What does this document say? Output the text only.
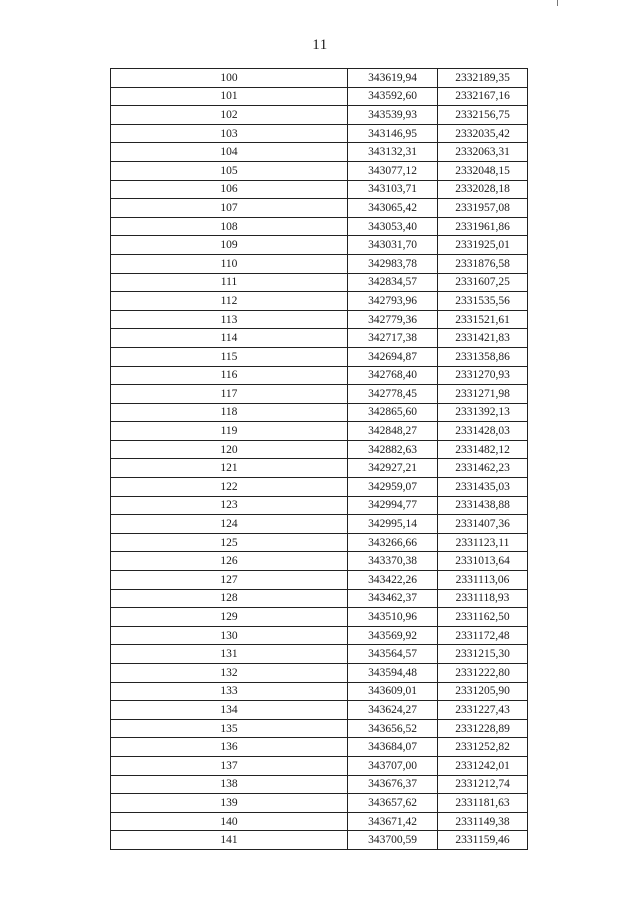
11
100	343619,94	2332189,35
101	343592,60	2332167,16
102	343539,93	2332156,75
103	343146,95	2332035,42
104	343132,31	2332063,31
105	343077,12	2332048,15
106	343103,71	2332028,18
107	343065,42	2331957,08
108	343053,40	2331961,86
109	343031,70	2331925,01
110	342983,78	2331876,58
111	342834,57	2331607,25
112	342793,96	2331535,56
113	342779,36	2331521,61
114	342717,38	2331421,83
115	342694,87	2331358,86
116	342768,40	2331270,93
117	342778,45	2331271,98
118	342865,60	2331392,13
119	342848,27	2331428,03
120	342882,63	2331482,12
121	342927,21	2331462,23
122	342959,07	2331435,03
123	342994,77	2331438,88
124	342995,14	2331407,36
125	343266,66	2331123,11
126	343370,38	2331013,64
127	343422,26	2331113,06
128	343462,37	2331118,93
129	343510,96	2331162,50
130	343569,92	2331172,48
131	343564,57	2331215,30
132	343594,48	2331222,80
133	343609,01	2331205,90
134	343624,27	2331227,43
135	343656,52	2331228,89
136	343684,07	2331252,82
137	343707,00	2331242,01
138	343676,37	2331212,74
139	343657,62	2331181,63
140	343671,42	2331149,38
141	343700,59	2331159,46
